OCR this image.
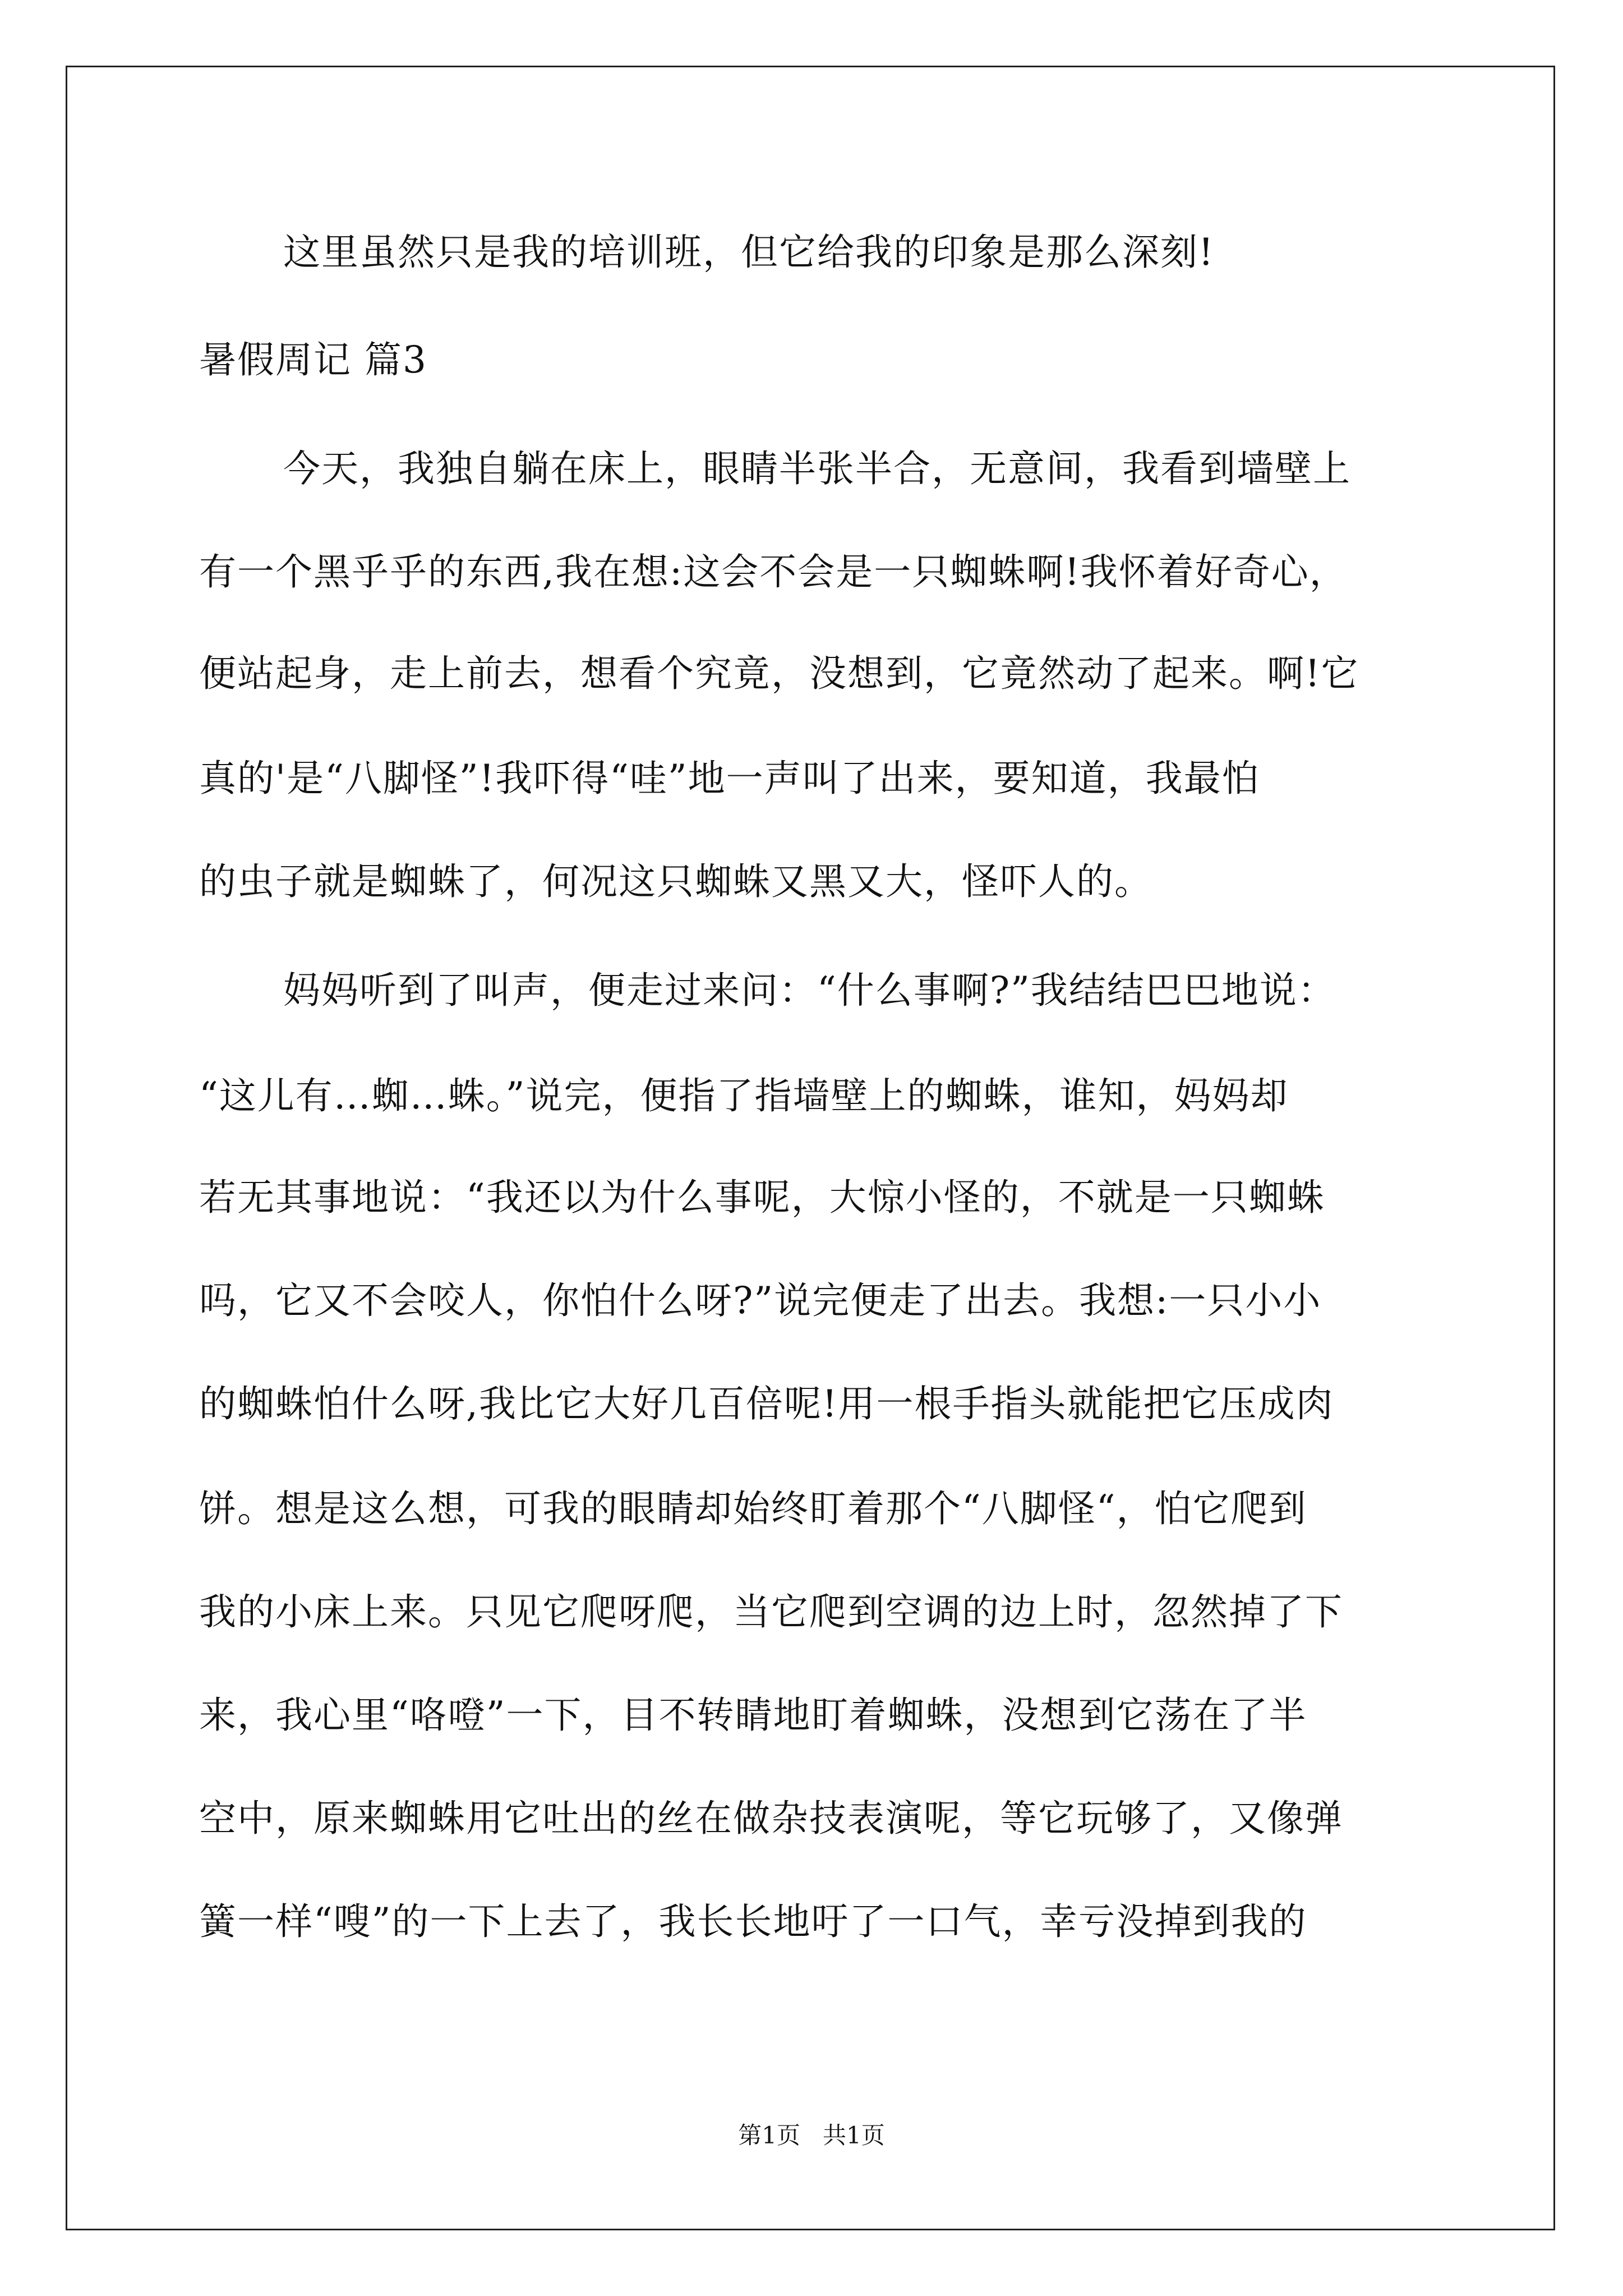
这里虽然只是我的培训班，但它给我的印象是那么深刻!
暑假周记 篇3
今天，我独自躺在床上，眼睛半张半合，无意间，我看到墙壁上
有一个黑乎乎的东西,我在想:这会不会是一只蜘蛛啊!我怀着好奇心，
便站起身，走上前去，想看个究竟，没想到，它竟然动了起来。啊!它
真的'是“八脚怪”!我吓得“哇”地一声叫了出来，要知道，我最怕
的虫子就是蜘蛛了，何况这只蜘蛛又黑又大，怪吓人的。
妈妈听到了叫声，便走过来问：“什么事啊?”我结结巴巴地说：
“这儿有…蜘…蛛。”说完，便指了指墙壁上的蜘蛛，谁知，妈妈却
若无其事地说：“我还以为什么事呢，大惊小怪的，不就是一只蜘蛛
吗，它又不会咬人，你怕什么呀?”说完便走了出去。我想:一只小小
的蜘蛛怕什么呀,我比它大好几百倍呢!用一根手指头就能把它压成肉
饼。想是这么想，可我的眼睛却始终盯着那个“八脚怪“，怕它爬到
我的小床上来。只见它爬呀爬，当它爬到空调的边上时，忽然掉了下
来，我心里“咯噔”一下，目不转睛地盯着蜘蛛，没想到它荡在了半
空中，原来蜘蛛用它吐出的丝在做杂技表演呢，等它玩够了，又像弹
簧一样“嗖”的一下上去了，我长长地吁了一口气，幸亏没掉到我的
第1页   共1页
